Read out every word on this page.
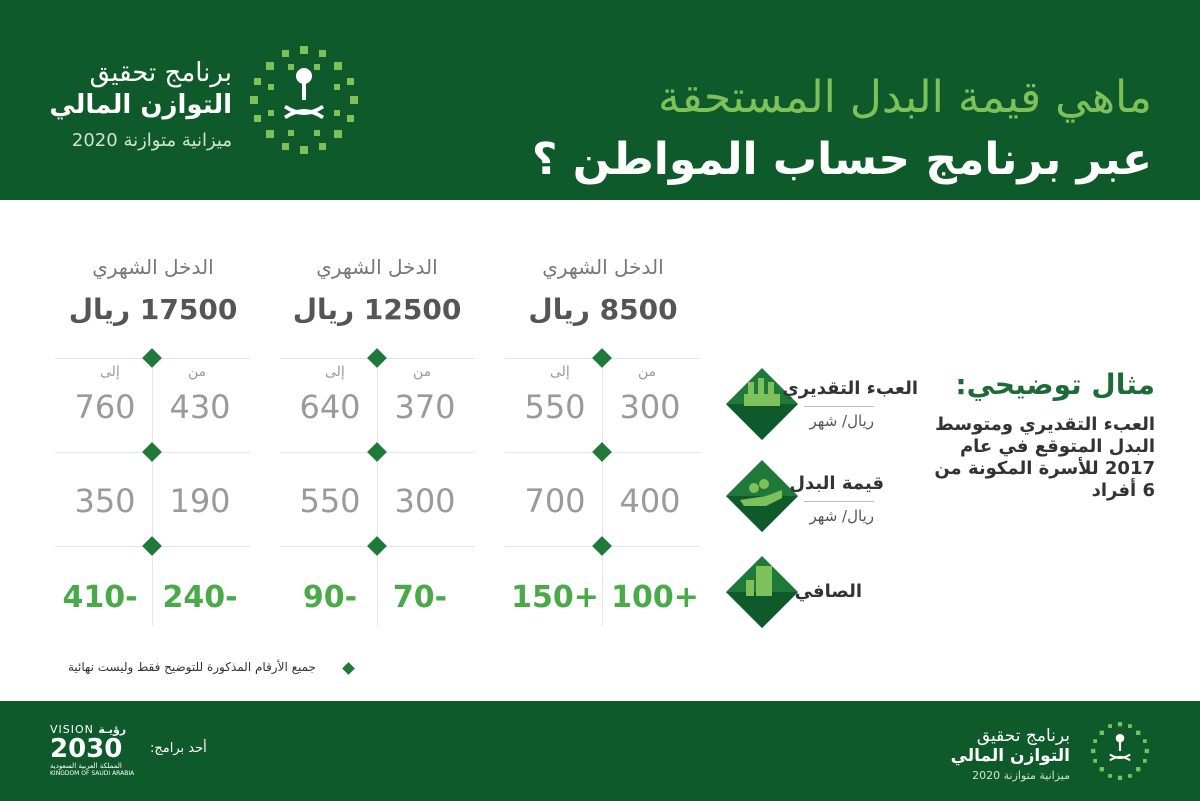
برنامج تحقيق
التوازن المالي
ميزانية متوازنة 2020
ماهي قيمة البدل المستحقة
عبر برنامج حساب المواطن ؟
الدخل الشهري
8500 ريال
الدخل الشهري
12500 ريال
الدخل الشهري
17500 ريال
من
إلى
300
550
400
700
100+
150+
من
إلى
370
640
300
550
70-
90-
من
إلى
430
760
190
350
240-
410-
العبء التقديري
ريال/ شهر
قيمة البدل
ريال/ شهر
الصافي
مثال توضيحي:
العبء التقديري ومتوسط البدل المتوقع في عام 2017 للأسرة المكونة من 6 أفراد
جميع الأرقام المذكورة للتوضيح فقط وليست نهائية
VISION رؤيـة
2030
المملكة العربية السعودية
KINGDOM OF SAUDI ARABIA
أحد برامج:
برنامج تحقيق
التوازن المالي
ميزانية متوازنة 2020
